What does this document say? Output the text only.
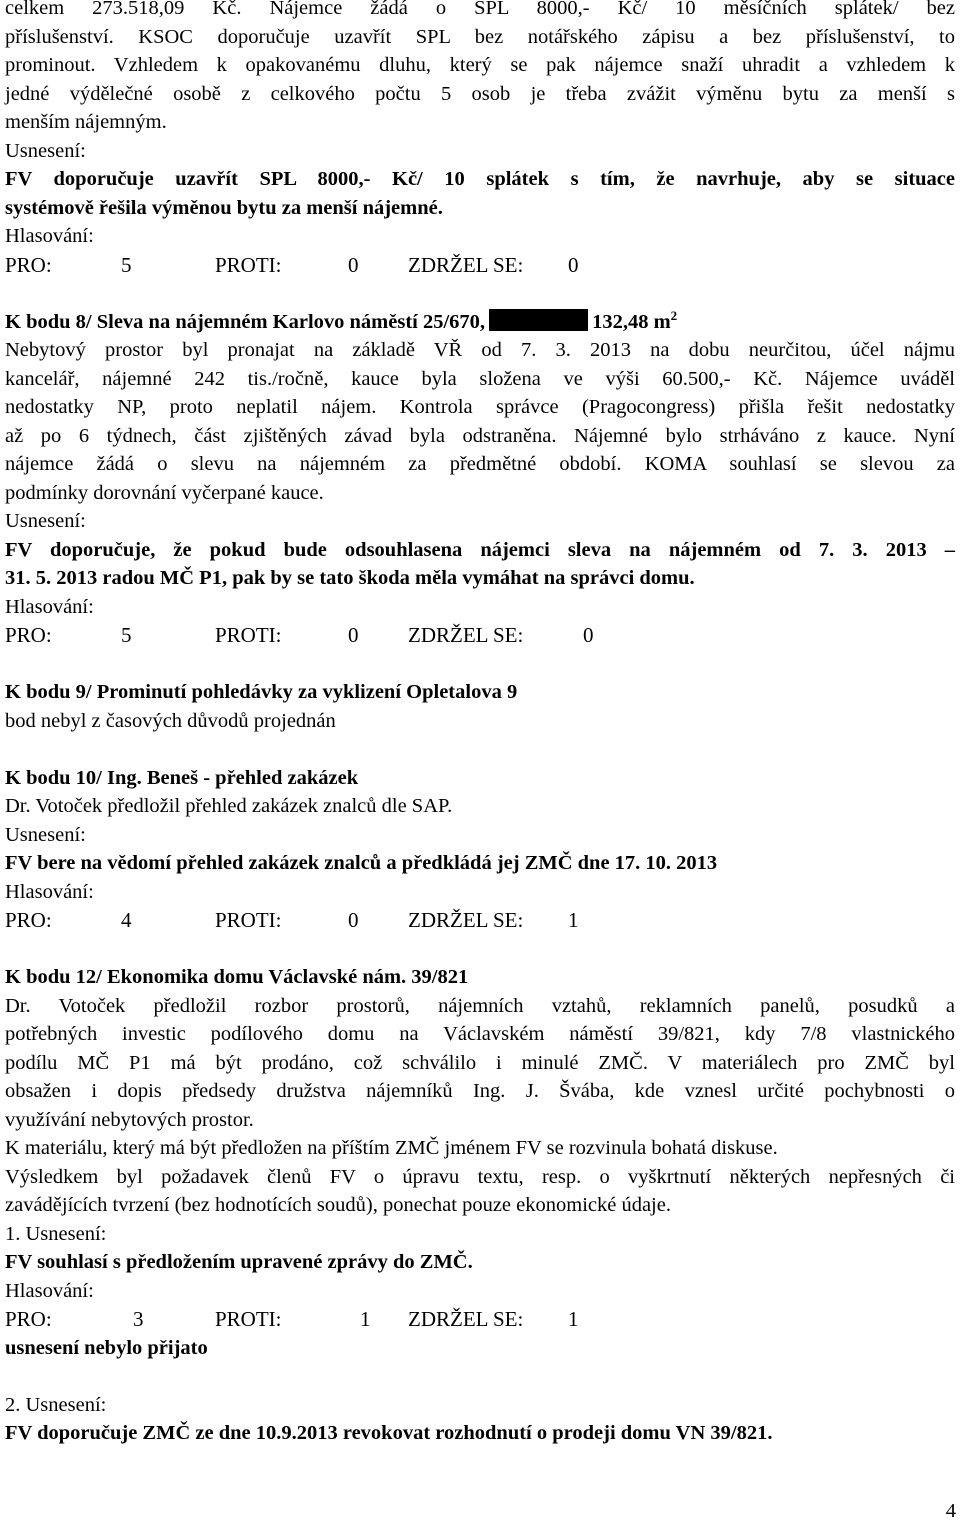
celkem 273.518,09 Kč. Nájemce žádá o SPL 8000,- Kč/ 10 měsíčních splátek/ bez

příslušenství. KSOC doporučuje uzavřít SPL bez notářského zápisu a bez příslušenství, to

prominout. Vzhledem k opakovanému dluhu, který se pak nájemce snaží uhradit a vzhledem k

jedné výdělečné osobě z celkového počtu 5 osob je třeba zvážit výměnu bytu za menší s

menším nájemným.

Usnesení:

FV doporučuje uzavřít SPL 8000,- Kč/ 10 splátek s tím, že navrhuje, aby se situace

systémově řešila výměnou bytu za menší nájemné.

Hlasování:

PRO:	5	PROTI:	0 ZDRŽEL SE: 0

K bodu 8/ Sleva na nájemném Karlovo náměstí 25/670,	132,48 $m^2$

Nebytový prostor byl pronajat na základě VŘ od 7. 3. 2013 na dobu neurčitou, účel nájmu

kancelář, nájemné 242 tis./ročně, kauce byla složena ve výši 60.500,- Kč. Nájemce uváděl

nedostatky NP, proto neplatil nájem. Kontrola správce (Pragocongress) přišla řešit nedostatky

až po 6 týdnech, část zjištěných závad byla odstraněna. Nájemné bylo strháváno z kauce. Nyní

nájemce žádá o slevu na nájemném za předmětné období. KOMA souhlasí se slevou za

podmínky dorovnání vyčerpané kauce.

Usnesení:

FV doporučuje, že pokud bude odsouhlasena nájemci sleva na nájemném od 7. 3. 2013 –

31. 5. 2013 radou MČ P1, pak by se tato škoda měla vymáhat na správci domu.

Hlasování:

PRO:	5	PROTI:	0 ZDRŽEL SE:	0

K bodu 9/ Prominutí pohledávky za vyklizení Opletalova 9

bod nebyl z časových důvodů projednán

K bodu 10/ Ing. Beneš - přehled zakázek

Dr. Votoček předložil přehled zakázek znalců dle SAP.

Usnesení:

FV bere na vědomí přehled zakázek znalců a předkládá jej ZMČ dne 17. 10. 2013

Hlasování:

PRO:	4	PROTI:	0 ZDRŽEL SE: 1

K bodu 12/ Ekonomika domu Václavské nám. 39/821

Dr. Votoček předložil rozbor prostorů, nájemních vztahů, reklamních panelů, posudků a

potřebných investic podílového domu na Václavském náměstí 39/821, kdy 7/8 vlastnického

podílu MČ P1 má být prodáno, což schválilo i minulé ZMČ. V materiálech pro ZMČ byl

obsažen i dopis předsedy družstva nájemníků Ing. J. Švába, kde vznesl určité pochybnosti o

využívání nebytových prostor.

K materiálu, který má být předložen na příštím ZMČ jménem FV se rozvinula bohatá diskuse.

Výsledkem byl požadavek členů FV o úpravu textu, resp. o vyškrtnutí některých nepřesných či

zavádějících tvrzení (bez hodnotících soudů), ponechat pouze ekonomické údaje.

1. Usnesení:

FV souhlasí s předložením upravené zprávy do ZMČ.

Hlasování:

PRO:	3	PROTI:	1 ZDRŽEL SE: 1

usnesení nebylo přijato

2. Usnesení:

FV doporučuje ZMČ ze dne 10.9.2013 revokovat rozhodnutí o prodeji domu VN 39/821.

4
